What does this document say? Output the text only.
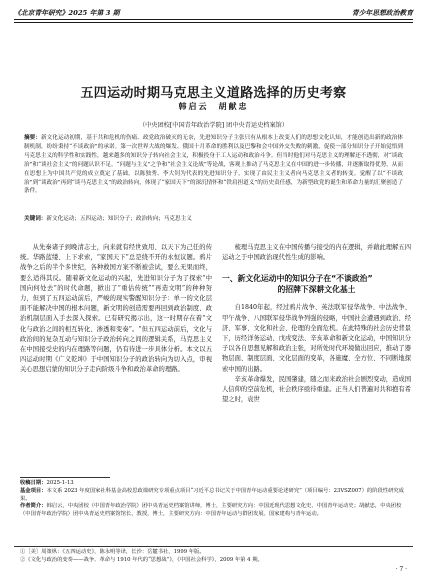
《北京青年研究》2025 年第 3 期	青少年思想政治教育
五四运动时期马克思主义道路选择的历史考察
韩启云　胡献忠
（中央团校[中国青年政治学院] 团中央青运史档案馆）
摘要：新文化运动初期，基于共和危机的伤痛、政党政治破灭的无奈，先进知识分子主张只有从根本上改变人们的思想文化认知，才能创造出新的政治体制机制，纷纷秉持“不谈政治”的承诺。第一次世界大战的爆发、俄国十月革命的胜利以及巴黎和会中国外交失败的刺激，促使一部分知识分子开始觉悟到马克思主义的科学性和实践性，越来越多的知识分子转向社会主义，积极投身于工人运动和政治斗争。但当时他们对马克思主义的理解还不透彻，对“谈政治”和“谈社会主义”的问题认识不足。“问题与主义”之争和“社会主义论战”等论战，客观上推动了马克思主义在中国的进一步传播，并逐渐取得优势，从而在思想上为中国共产党的成立奠定了基础。以陈独秀、李大钊为代表的先进知识分子，实现了由民主主义者向马克思主义者的转变。觉醒了以“不谈政治”到“谈政治”再到“谈马克思主义”的政治转向，体现了“家国天下”的深沉情怀和“铁肩担道义”的历史责任感，为新型政党的诞生和革命力量的汇聚创造了条件。
关键词：新文化运动；五四运动；知识分子；政治转向；马克思主义

从先秦诸子到晚清志士，向来就有经世致用、以天下为己任的传统。华路蓝缕、上下求索，“家国天下”总是绕不开的永恒议题。鸦片战争之后的半个多世纪，各种救国方案不断被尝试，要么无果而终，要么适得其反。随着新文化运动的兴起，先进知识分子为了探索“中国向何处去”的时代命题，掀出了“重估传统”“再造文明”的种种努力，但到了五四运动前后，严峻的现实警醒知识分子：单一的文化层面不能解决中国的根本问题，新文明的创造需要再回到政治制度、政治机制层面入手去深入探索。已有研究揭示出，这一时期存在着“文化与政治之间的相互转化、渗透和变奏”。“但五四运动前后，文化与政治间的复杂互动与知识分子政治转向之间的逻辑关系，马克思主义在中国接受史的内在理路等问题，仍有待进一步具体分析。本文以五四运动时期《广义乾坤》于中国知识分子的政治转向为切入点，审视关心思想启蒙的知识分子走向阶级斗争和政治革命的理路。

梳理马克思主义在中国传播与接受的内在逻辑，并藉此理解五四运动之于中国政治现代性生成的影响。

一、新文化运动中的知识分子在“不谈政治”
的招牌下深耕文化基土

自1840年起，经过鸦片战争、英法联军侵华战争、中法战争、甲午战争、八国联军侵华战争列强的侵略，中国社会遭遇到政治、经济、军事、文化和社会、伦理的全面危机。在此特殊的社会历史背景下，历经洋务运动、戊戌变法、辛亥革命和新文化运动，中国知识分子以各自思想见解和政治主张，对所处时代环境做出回应，推动了器物层面、制度层面、文化层面的变革，各施魔、全方位、不同断地探索中国的出路。

辛亥革命爆发，民国肇建，随之而来政治社会剧烈变动，造成国人信仰的空前危机，社会秩序亟待重建。正当人们普遍对共和抱有希望之时，袁世

收稿日期：2025-1-13
基金项目：本文系 2023 年度国家社科基金高校思政课研究专项重点项目“习近平总书记关于中国青年运动重要论述研究”（项目编号：23VSZ007）的阶段性研究成果。
作者简介：韩启云，中央团校（中国青年政治学院）团中央青运史档案馆讲师，博士，主要研究方向：中国近现代思想文化史、中国青年运动史；胡献忠，中央团校（中国青年政治学院）团中央青运史档案馆馆长，教授，博士，主要研究方向：中国青年运动与群团发展、国家建构与青年运动。
①［美］周策纵：《五四运动史》，陈永明等译，长沙：岳麓书社，1999 年版。
②《文化与政治的变奏——战争、革命与 1910 年代的“思想战”》，《中国社会科学》，2009 年第 4 期。
· 7 ·
